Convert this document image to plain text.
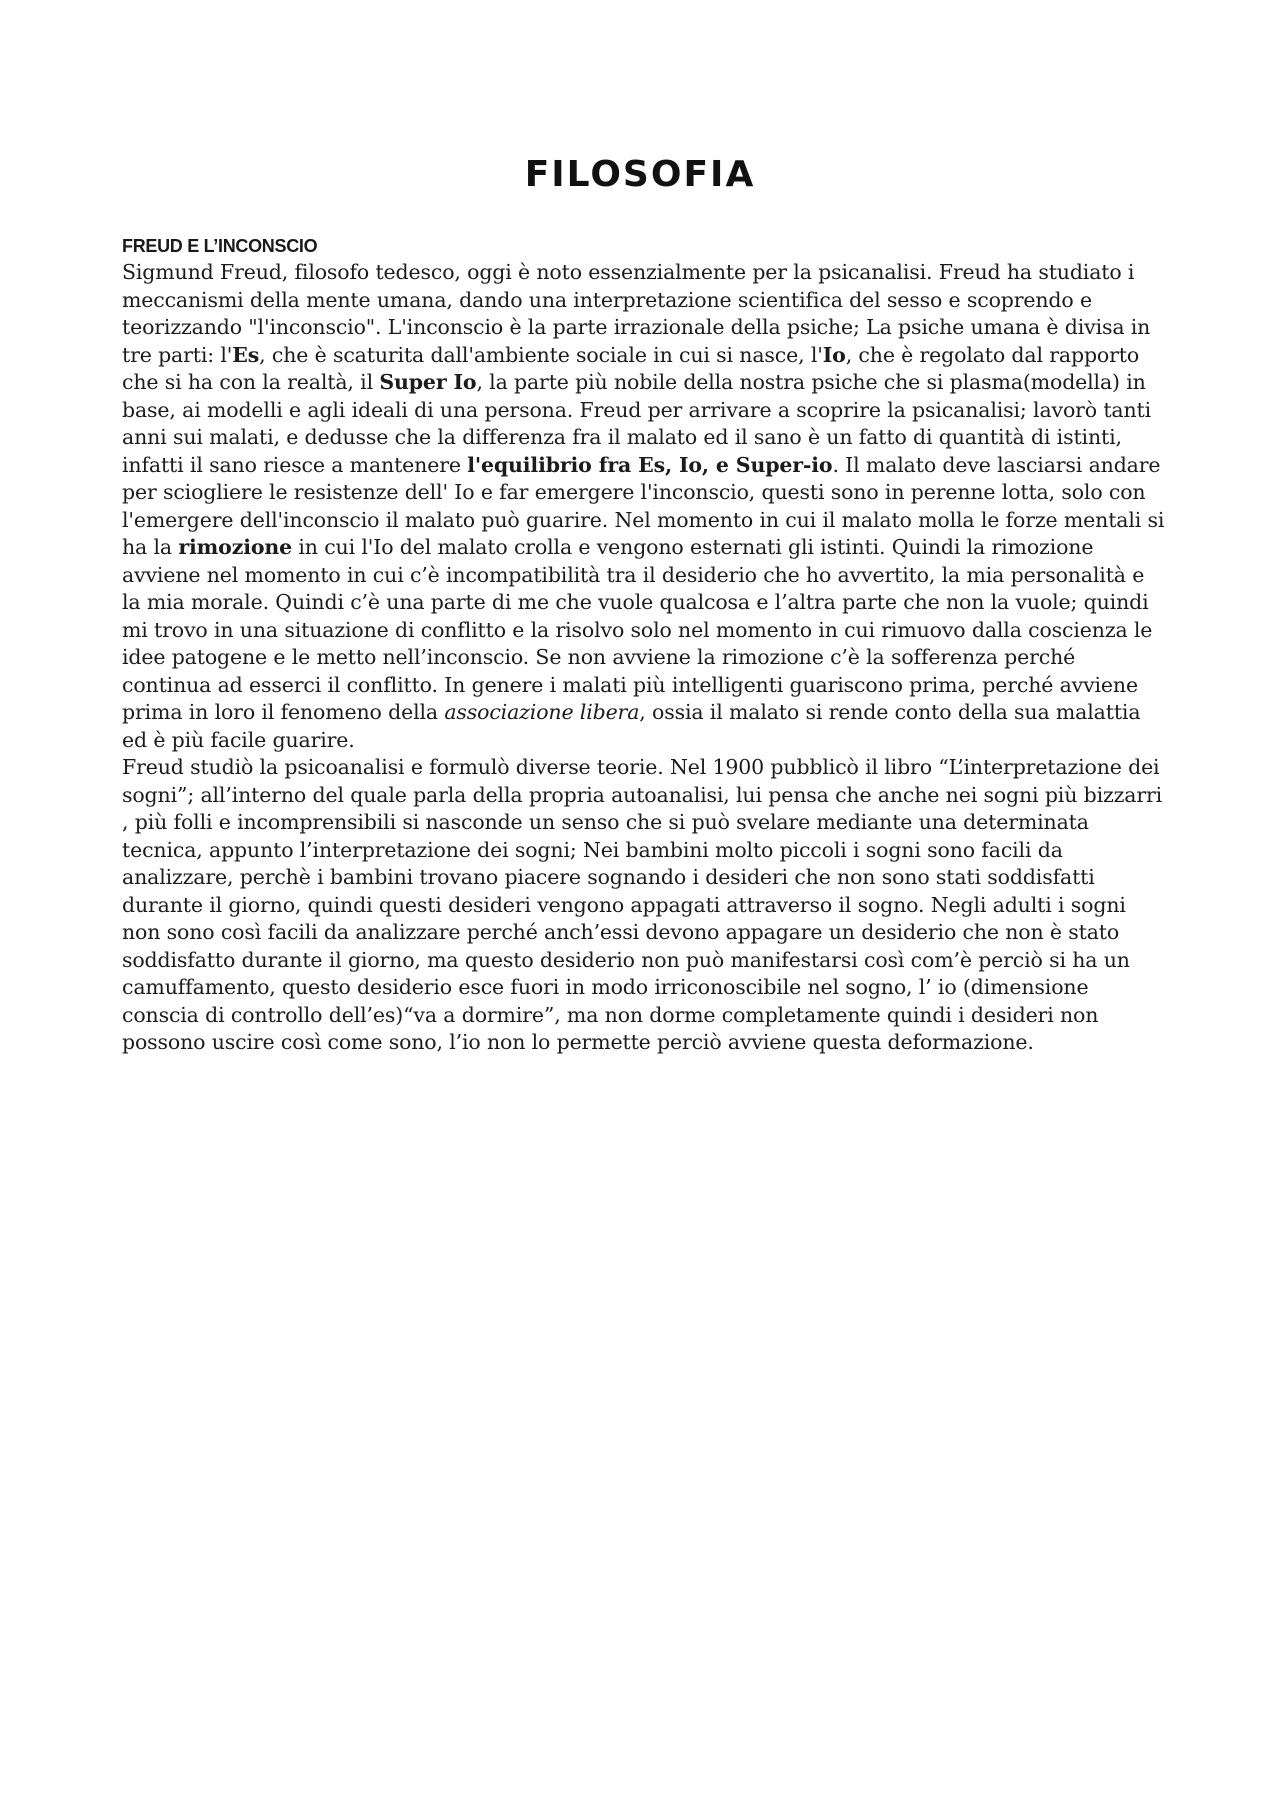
FILOSOFIA
FREUD E L’INCONSCIO

Sigmund Freud, filosofo tedesco, oggi è noto essenzialmente per la psicanalisi. Freud ha studiato i meccanismi della mente umana, dando una interpretazione scientifica del sesso e scoprendo e teorizzando "l'inconscio". L'inconscio è la parte irrazionale della psiche; La psiche umana è divisa in tre parti: l'Es, che è scaturita dall'ambiente sociale in cui si nasce, l'Io, che è regolato dal rapporto che si ha con la realtà, il Super Io, la parte più nobile della nostra psiche che si plasma(modella) in base, ai modelli e agli ideali di una persona. Freud per arrivare a scoprire la psicanalisi; lavorò tanti anni sui malati, e dedusse che la differenza fra il malato ed il sano è un fatto di quantità di istinti, infatti il sano riesce a mantenere l'equilibrio fra Es, Io, e Super-io. Il malato deve lasciarsi andare per sciogliere le resistenze dell' Io e far emergere l'inconscio, questi sono in perenne lotta, solo con l'emergere dell'inconscio il malato può guarire. Nel momento in cui il malato molla le forze mentali si ha la rimozione in cui l'Io del malato crolla e vengono esternati gli istinti. Quindi la rimozione avviene nel momento in cui c’è incompatibilità tra il desiderio che ho avvertito, la mia personalità e la mia morale. Quindi c’è una parte di me che vuole qualcosa e l’altra parte che non la vuole; quindi mi trovo in una situazione di conflitto e la risolvo solo nel momento in cui rimuovo dalla coscienza le idee patogene e le metto nell’inconscio. Se non avviene la rimozione c’è la sofferenza perché continua ad esserci il conflitto. In genere i malati più intelligenti guariscono prima, perché avviene prima in loro il fenomeno della associazione libera, ossia il malato si rende conto della sua malattia ed è più facile guarire.

Freud studiò la psicoanalisi e formulò diverse teorie. Nel 1900 pubblicò il libro “L’interpretazione dei sogni”; all’interno del quale parla della propria autoanalisi, lui pensa che anche nei sogni più bizzarri , più folli e incomprensibili si nasconde un senso che si può svelare mediante una determinata tecnica, appunto l’interpretazione dei sogni; Nei bambini molto piccoli i sogni sono facili da analizzare, perchè i bambini trovano piacere sognando i desideri che non sono stati soddisfatti durante il giorno, quindi questi desideri vengono appagati attraverso il sogno. Negli adulti i sogni non sono così facili da analizzare perché anch’essi devono appagare un desiderio che non è stato soddisfatto durante il giorno, ma questo desiderio non può manifestarsi così com’è perciò si ha un camuffamento, questo desiderio esce fuori in modo irriconoscibile nel sogno, l’ io (dimensione conscia di controllo dell’es)“va a dormire”, ma non dorme completamente quindi i desideri non possono uscire così come sono, l’io non lo permette perciò avviene questa deformazione.
